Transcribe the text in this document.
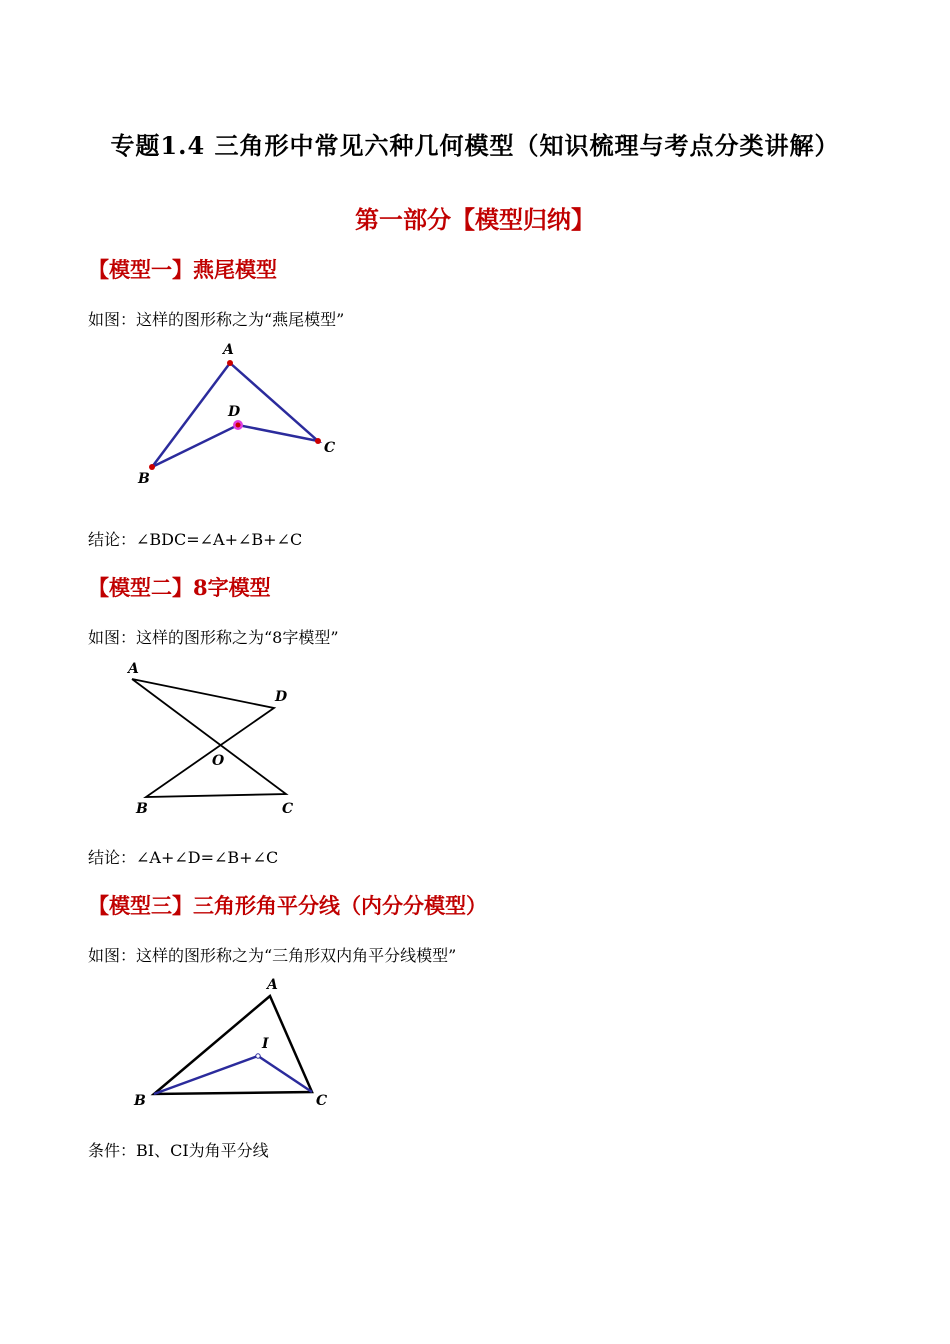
专题1.4 三角形中常见六种几何模型（知识梳理与考点分类讲解）
第一部分【模型归纳】
【模型一】燕尾模型
如图：这样的图形称之为“燕尾模型”
A
B
C
D
结论：∠BDC=∠A+∠B+∠C
【模型二】8字模型
如图：这样的图形称之为“8字模型”
A
D
O
B	C
结论：∠A+∠D=∠B+∠C
【模型三】三角形角平分线（内分分模型）
如图：这样的图形称之为“三角形双内角平分线模型”
A
I
B	C
条件：BI、CI为角平分线
